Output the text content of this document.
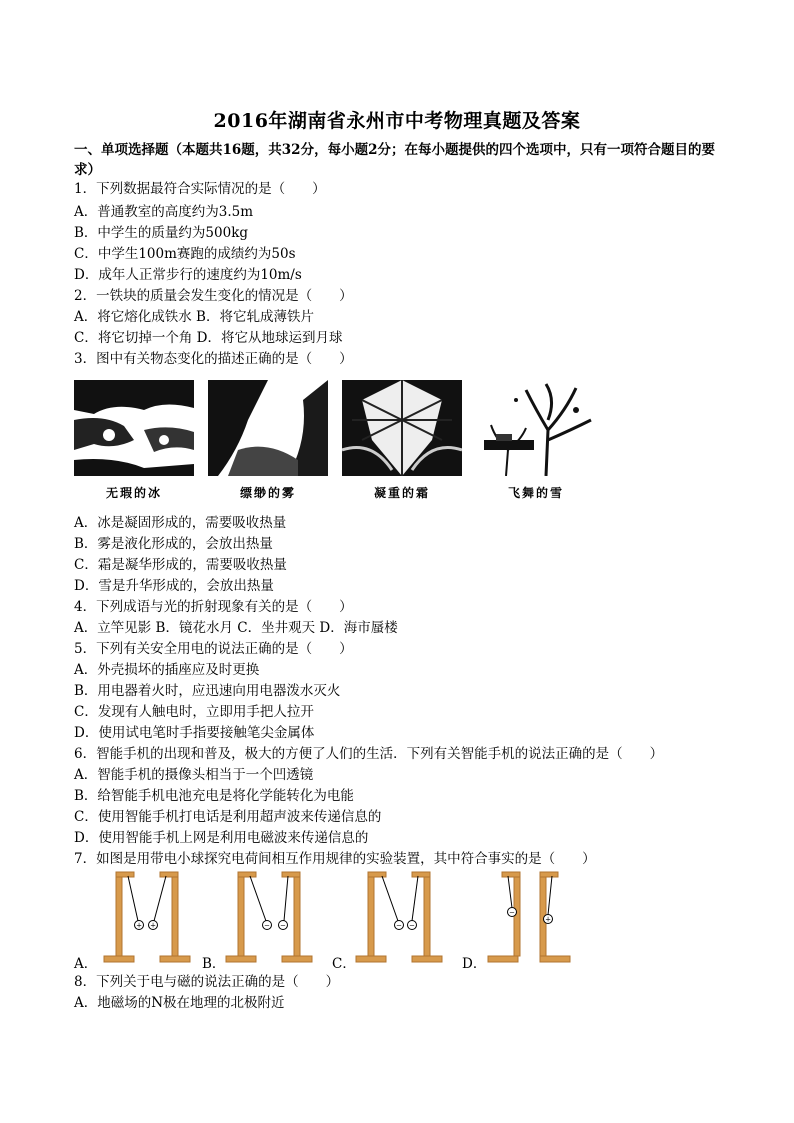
2016年湖南省永州市中考物理真题及答案
一、单项选择题（本题共16题，共32分，每小题2分；在每小题提供的四个选项中，只有一项符合题目的要求）
1．下列数据最符合实际情况的是（　　）
A．普通教室的高度约为3.5m
B．中学生的质量约为500kg
C．中学生100m赛跑的成绩约为50s
D．成年人正常步行的速度约为10m/s
2．一铁块的质量会发生变化的情况是（　　）
A．将它熔化成铁水 B．将它轧成薄铁片
C．将它切掉一个角 D．将它从地球运到月球
3．图中有关物态变化的描述正确的是（　　）
无瑕的冰	缥缈的雾	凝重的霜	飞舞的雪
A．冰是凝固形成的，需要吸收热量
B．雾是液化形成的，会放出热量
C．霜是凝华形成的，需要吸收热量
D．雪是升华形成的，会放出热量
4．下列成语与光的折射现象有关的是（　　）
A．立竿见影 B．镜花水月 C．坐井观天 D．海市蜃楼
5．下列有关安全用电的说法正确的是（　　）
A．外壳损坏的插座应及时更换
B．用电器着火时，应迅速向用电器泼水灭火
C．发现有人触电时，立即用手把人拉开
D．使用试电笔时手指要接触笔尖金属体
6．智能手机的出现和普及，极大的方便了人们的生活．下列有关智能手机的说法正确的是（　　）
A．智能手机的摄像头相当于一个凹透镜
B．给智能手机电池充电是将化学能转化为电能
C．使用智能手机打电话是利用超声波来传递信息的
D．使用智能手机上网是利用电磁波来传递信息的
7．如图是用带电小球探究电荷间相互作用规律的实验装置，其中符合事实的是（　　）
A．
+ +
B．
− −
C．
− −
D．
−
+
8．下列关于电与磁的说法正确的是（　　）
A．地磁场的N极在地理的北极附近
